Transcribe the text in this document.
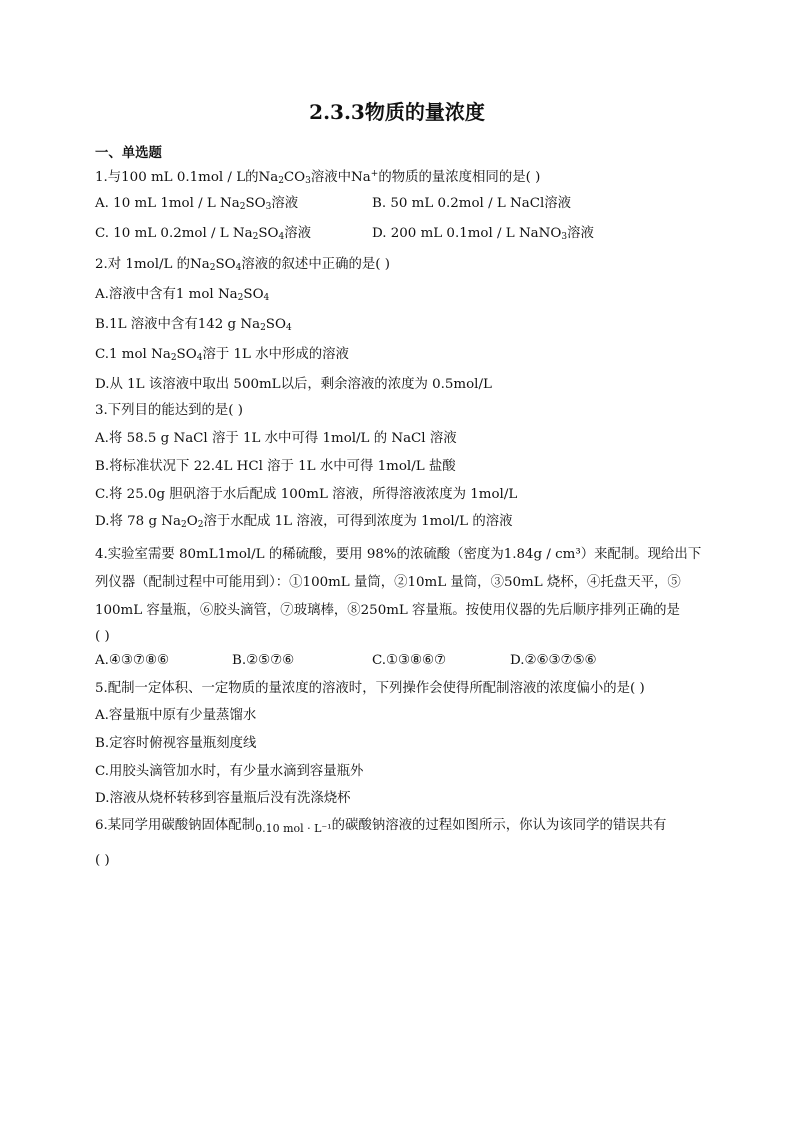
2.3.3物质的量浓度
一、单选题
1.与100 mL 0.1mol / L的$Na_2CO_3$溶液中Na+的物质的量浓度相同的是( )
A. 10 mL 1mol / L $Na_2SO_3$溶液	B. 50 mL 0.2mol / L NaCl溶液
C. 10 mL 0.2mol / L $Na_2SO_4$溶液	D. 200 mL 0.1mol / L NaNO$_3$溶液
2.对 1mol/L 的$Na_2SO_4$溶液的叙述中正确的是( )
A.溶液中含有1 mol $Na_2SO_4$
B.1L 溶液中含有142 g $Na_2SO_4$
C.1 mol $Na_2SO_4$溶于 1L 水中形成的溶液
D.从 1L 该溶液中取出 500mL以后，剩余溶液的浓度为 0.5mol/L
3.下列目的能达到的是( )
A.将 58.5 g NaCl 溶于 1L 水中可得 1mol/L 的 NaCl 溶液
B.将标准状况下 22.4L HCl 溶于 1L 水中可得 1mol/L 盐酸
C.将 25.0g 胆矾溶于水后配成 100mL 溶液，所得溶液浓度为 1mol/L
D.将 78 g $Na_2O_2$溶于水配成 1L 溶液，可得到浓度为 1mol/L 的溶液
4.实验室需要 80mL1mol/L 的稀硫酸，要用 98%的浓硫酸（密度为1.84g / cm³）来配制。现给出下
列仪器（配制过程中可能用到）：①100mL 量筒，②10mL 量筒，③50mL 烧杯，④托盘天平，⑤
100mL 容量瓶，⑥胶头滴管，⑦玻璃棒，⑧250mL 容量瓶。按使用仪器的先后顺序排列正确的是
( )
A.④③⑦⑧⑥	B.②⑤⑦⑥	C.①③⑧⑥⑦	D.②⑥③⑦⑤⑥
5.配制一定体积、一定物质的量浓度的溶液时，下列操作会使得所配制溶液的浓度偏小的是( )
A.容量瓶中原有少量蒸馏水
B.定容时俯视容量瓶刻度线
C.用胶头滴管加水时，有少量水滴到容量瓶外
D.溶液从烧杯转移到容量瓶后没有洗涤烧杯
6.某同学用碳酸钠固体配制$_{0.10 mol \cdot L^{-1}}$的碳酸钠溶液的过程如图所示，你认为该同学的错误共有
( )
